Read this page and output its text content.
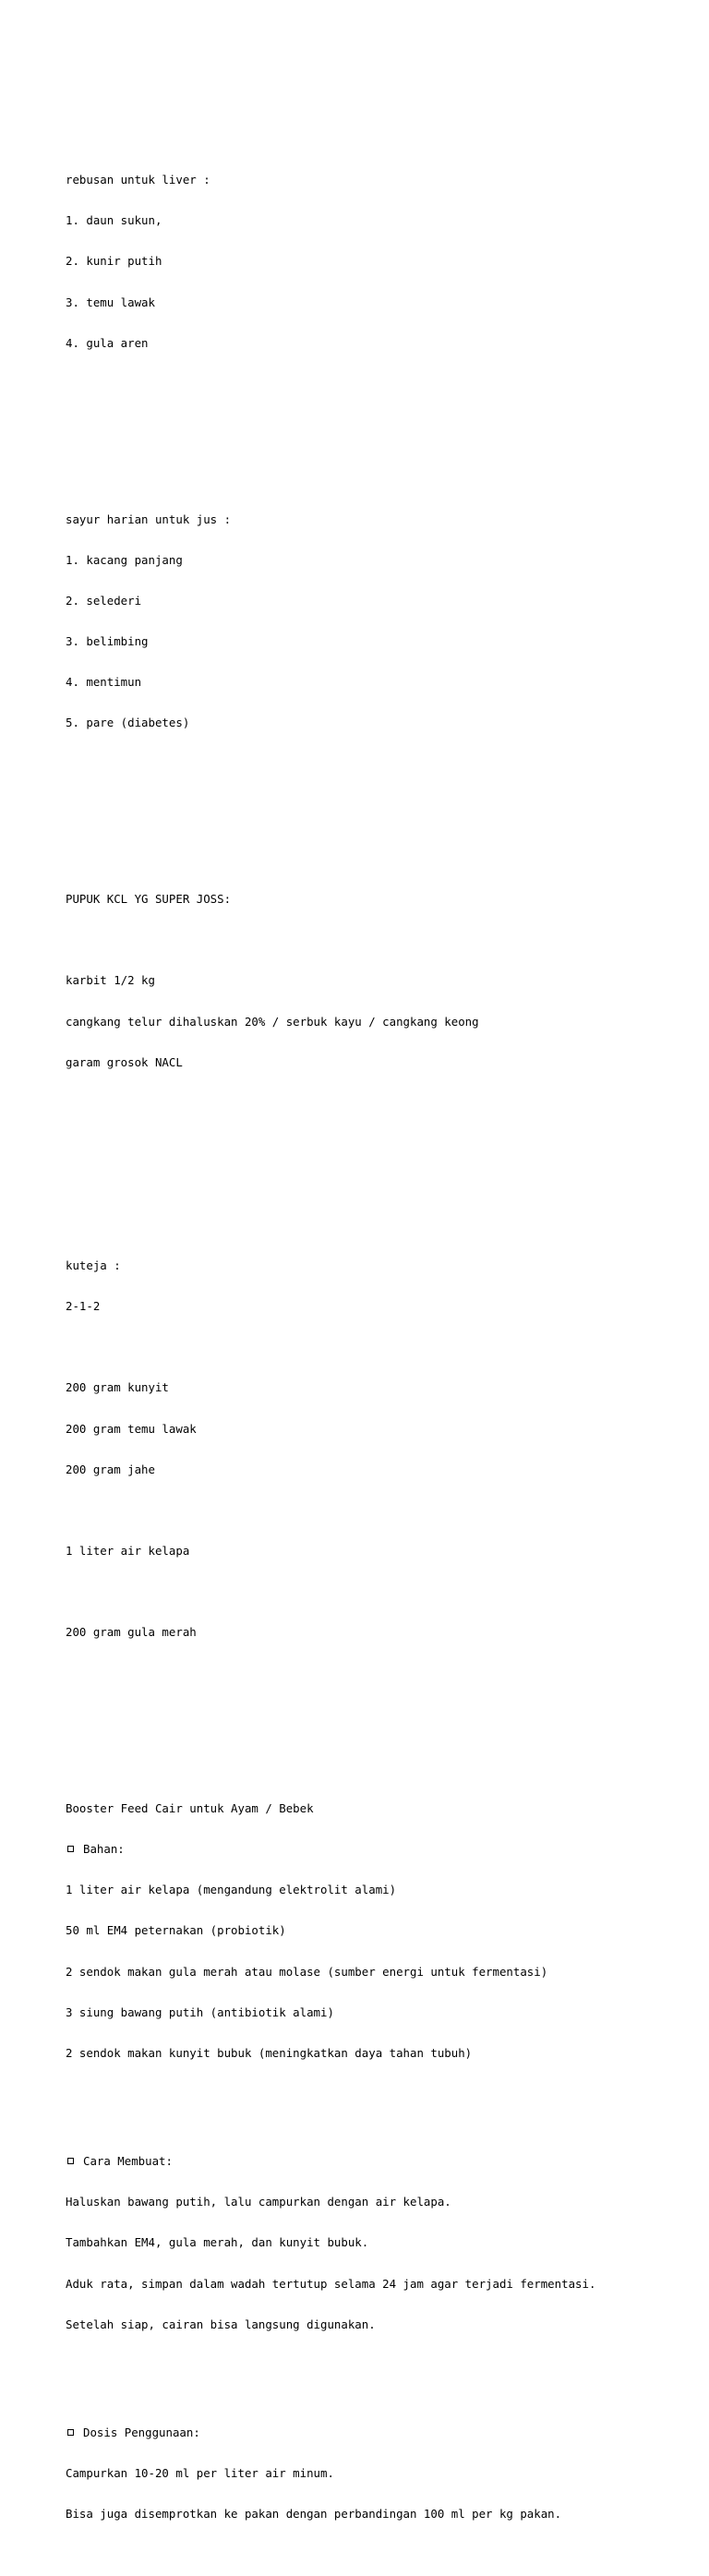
rebusan untuk liver :

1. daun sukun,

2. kunir putih

3. temu lawak

4. gula aren

sayur harian untuk jus :

1. kacang panjang

2. selederi

3. belimbing

4. mentimun

5. pare (diabetes)

PUPUK KCL YG SUPER JOSS:

karbit 1/2 kg

cangkang telur dihaluskan 20% / serbuk kayu / cangkang keong

garam grosok NACL

kuteja :

2-1-2

200 gram kunyit

200 gram temu lawak

200 gram jahe

1 liter air kelapa

200 gram gula merah

Booster Feed Cair untuk Ayam / Bebek

Bahan:

1 liter air kelapa (mengandung elektrolit alami)

50 ml EM4 peternakan (probiotik)

2 sendok makan gula merah atau molase (sumber energi untuk fermentasi)

3 siung bawang putih (antibiotik alami)

2 sendok makan kunyit bubuk (meningkatkan daya tahan tubuh)

Cara Membuat:

Haluskan bawang putih, lalu campurkan dengan air kelapa.

Tambahkan EM4, gula merah, dan kunyit bubuk.

Aduk rata, simpan dalam wadah tertutup selama 24 jam agar terjadi fermentasi.

Setelah siap, cairan bisa langsung digunakan.

Dosis Penggunaan:

Campurkan 10-20 ml per liter air minum.

Bisa juga disemprotkan ke pakan dengan perbandingan 100 ml per kg pakan.
